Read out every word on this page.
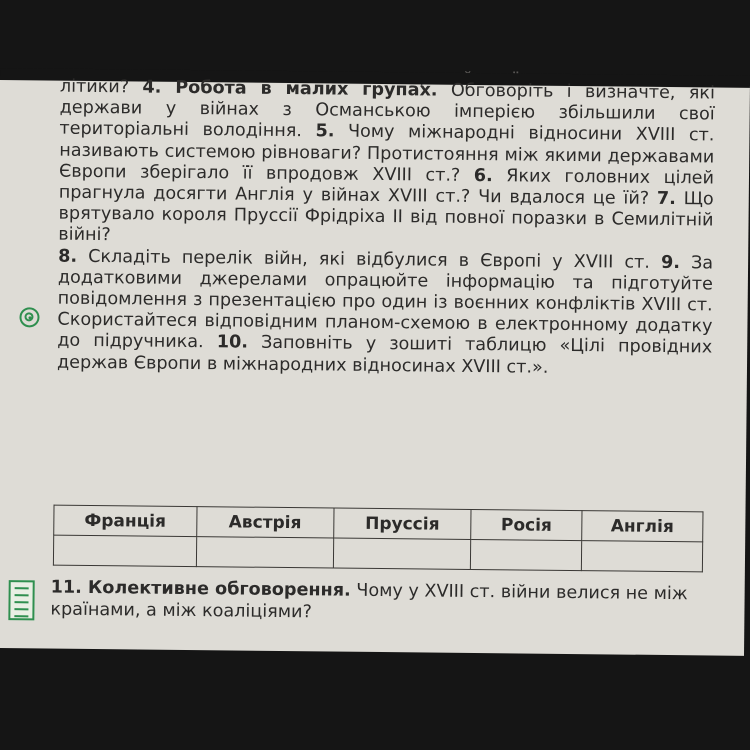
літики? 4. Робота в малих групах. Обговоріть і визначте, які держави у війнах з Османською імперією збільшили свої територіальні володіння. 5. Чому міжнародні відносини XVIII ст. називають системою рівноваги? Протистояння між якими державами Європи зберігало її впродовж XVIII ст.? 6. Яких головних цілей прагнула досягти Англія у війнах XVIII ст.? Чи вдалося це їй? 7. Що врятувало короля Пруссії Фрідріха ІІ від повної поразки в Семилітній війні?

8. Складіть перелік війн, які відбулися в Європі у XVIII ст. 9. За додатковими джерелами опрацюйте інформацію та підготуйте повідомлення з презентацією про один із воєнних конфліктів XVIII ст. Скористайтеся відповідним планом-схемою в електронному додатку до підручника. 10. Заповніть у зошиті таблицю «Цілі провідних держав Європи в міжнародних відносинах XVIII ст.».

Франція	Австрія	Пруссія	Росія	Англія

11. Колективне обговорення. Чому у XVIII ст. війни велися не між країнами, а між коаліціями?
